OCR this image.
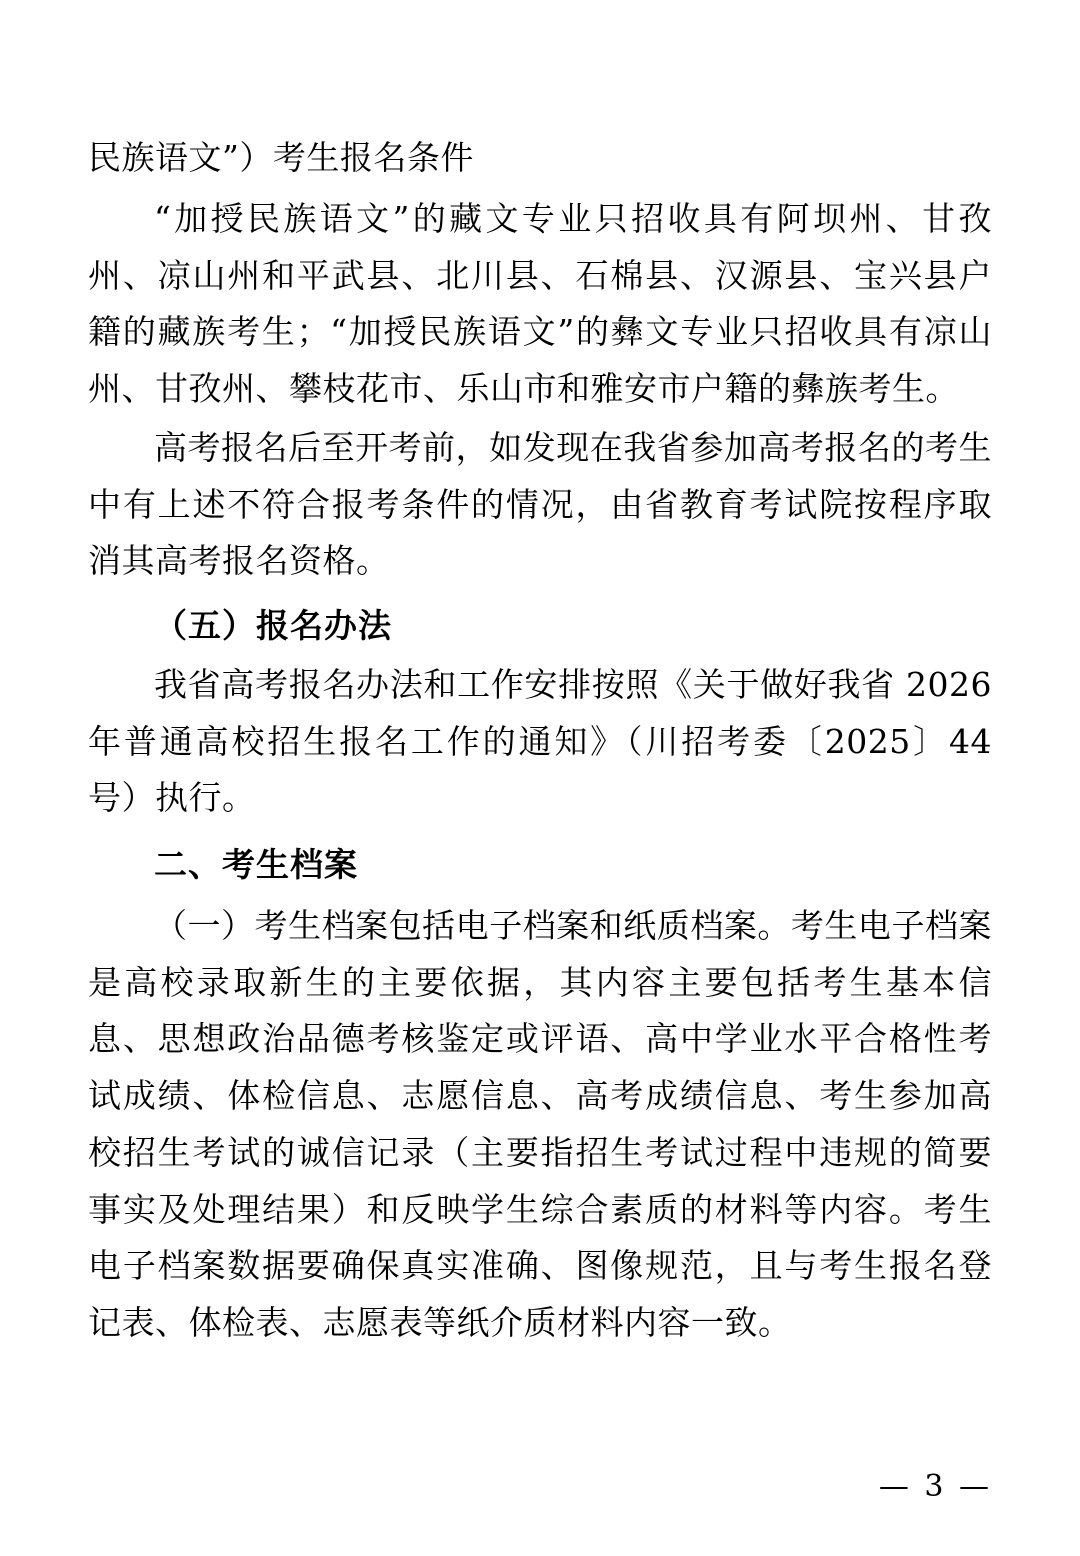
民族语文”）考生报名条件

“加授民族语文”的藏文专业只招收具有阿坝州、甘孜州、凉山州和平武县、北川县、石棉县、汉源县、宝兴县户籍的藏族考生；“加授民族语文”的彝文专业只招收具有凉山州、甘孜州、攀枝花市、乐山市和雅安市户籍的彝族考生。

高考报名后至开考前，如发现在我省参加高考报名的考生中有上述不符合报考条件的情况，由省教育考试院按程序取消其高考报名资格。

（五）报名办法

我省高考报名办法和工作安排按照《关于做好我省 2026 年普通高校招生报名工作的通知》（川招考委〔2025〕44 号）执行。

二、考生档案

（一）考生档案包括电子档案和纸质档案。考生电子档案是高校录取新生的主要依据，其内容主要包括考生基本信息、思想政治品德考核鉴定或评语、高中学业水平合格性考试成绩、体检信息、志愿信息、高考成绩信息、考生参加高校招生考试的诚信记录（主要指招生考试过程中违规的简要事实及处理结果）和反映学生综合素质的材料等内容。考生电子档案数据要确保真实准确、图像规范，且与考生报名登记表、体检表、志愿表等纸介质材料内容一致。

— 3 —
